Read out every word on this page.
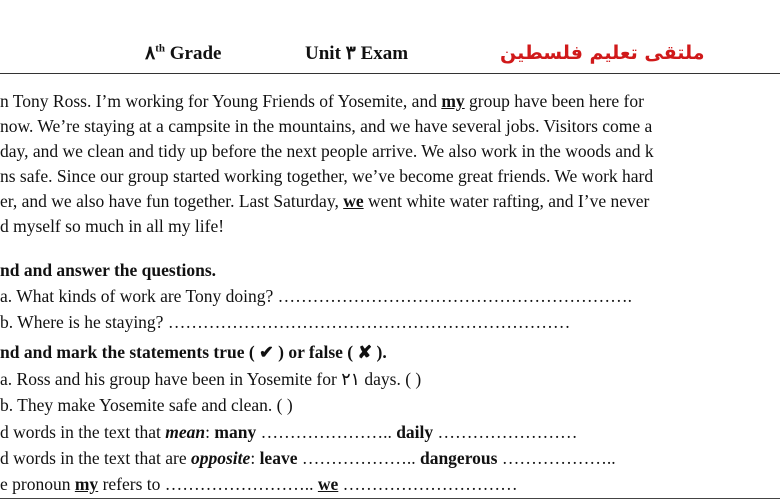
٨th Grade	Unit ٣ Exam	ملتقى تعليم فلسطين
n Tony Ross. I’m working for Young Friends of Yosemite, and my group have been here for
now. We’re staying at a campsite in the mountains, and we have several jobs. Visitors come a
day, and we clean and tidy up before the next people arrive. We also work in the woods and k
ns safe. Since our group started working together, we’ve become great friends. We work hard
er, and we also have fun together. Last Saturday, we went white water rafting, and I’ve never
d myself so much in all my life!
nd and answer the questions.
a. What kinds of work are Tony doing? …………………………………………………….
b. Where is he staying? ……………………………………………………………
nd and mark the statements true ( ✔ ) or false ( ✘ ).
a. Ross and his group have been in Yosemite for ٢١ days. ( )
b. They make Yosemite safe and clean. ( )
d words in the text that mean: many ………………….. daily ……………………
d words in the text that are opposite: leave ……………….. dangerous ………………..
e pronoun my refers to …………………….. we …………………………
